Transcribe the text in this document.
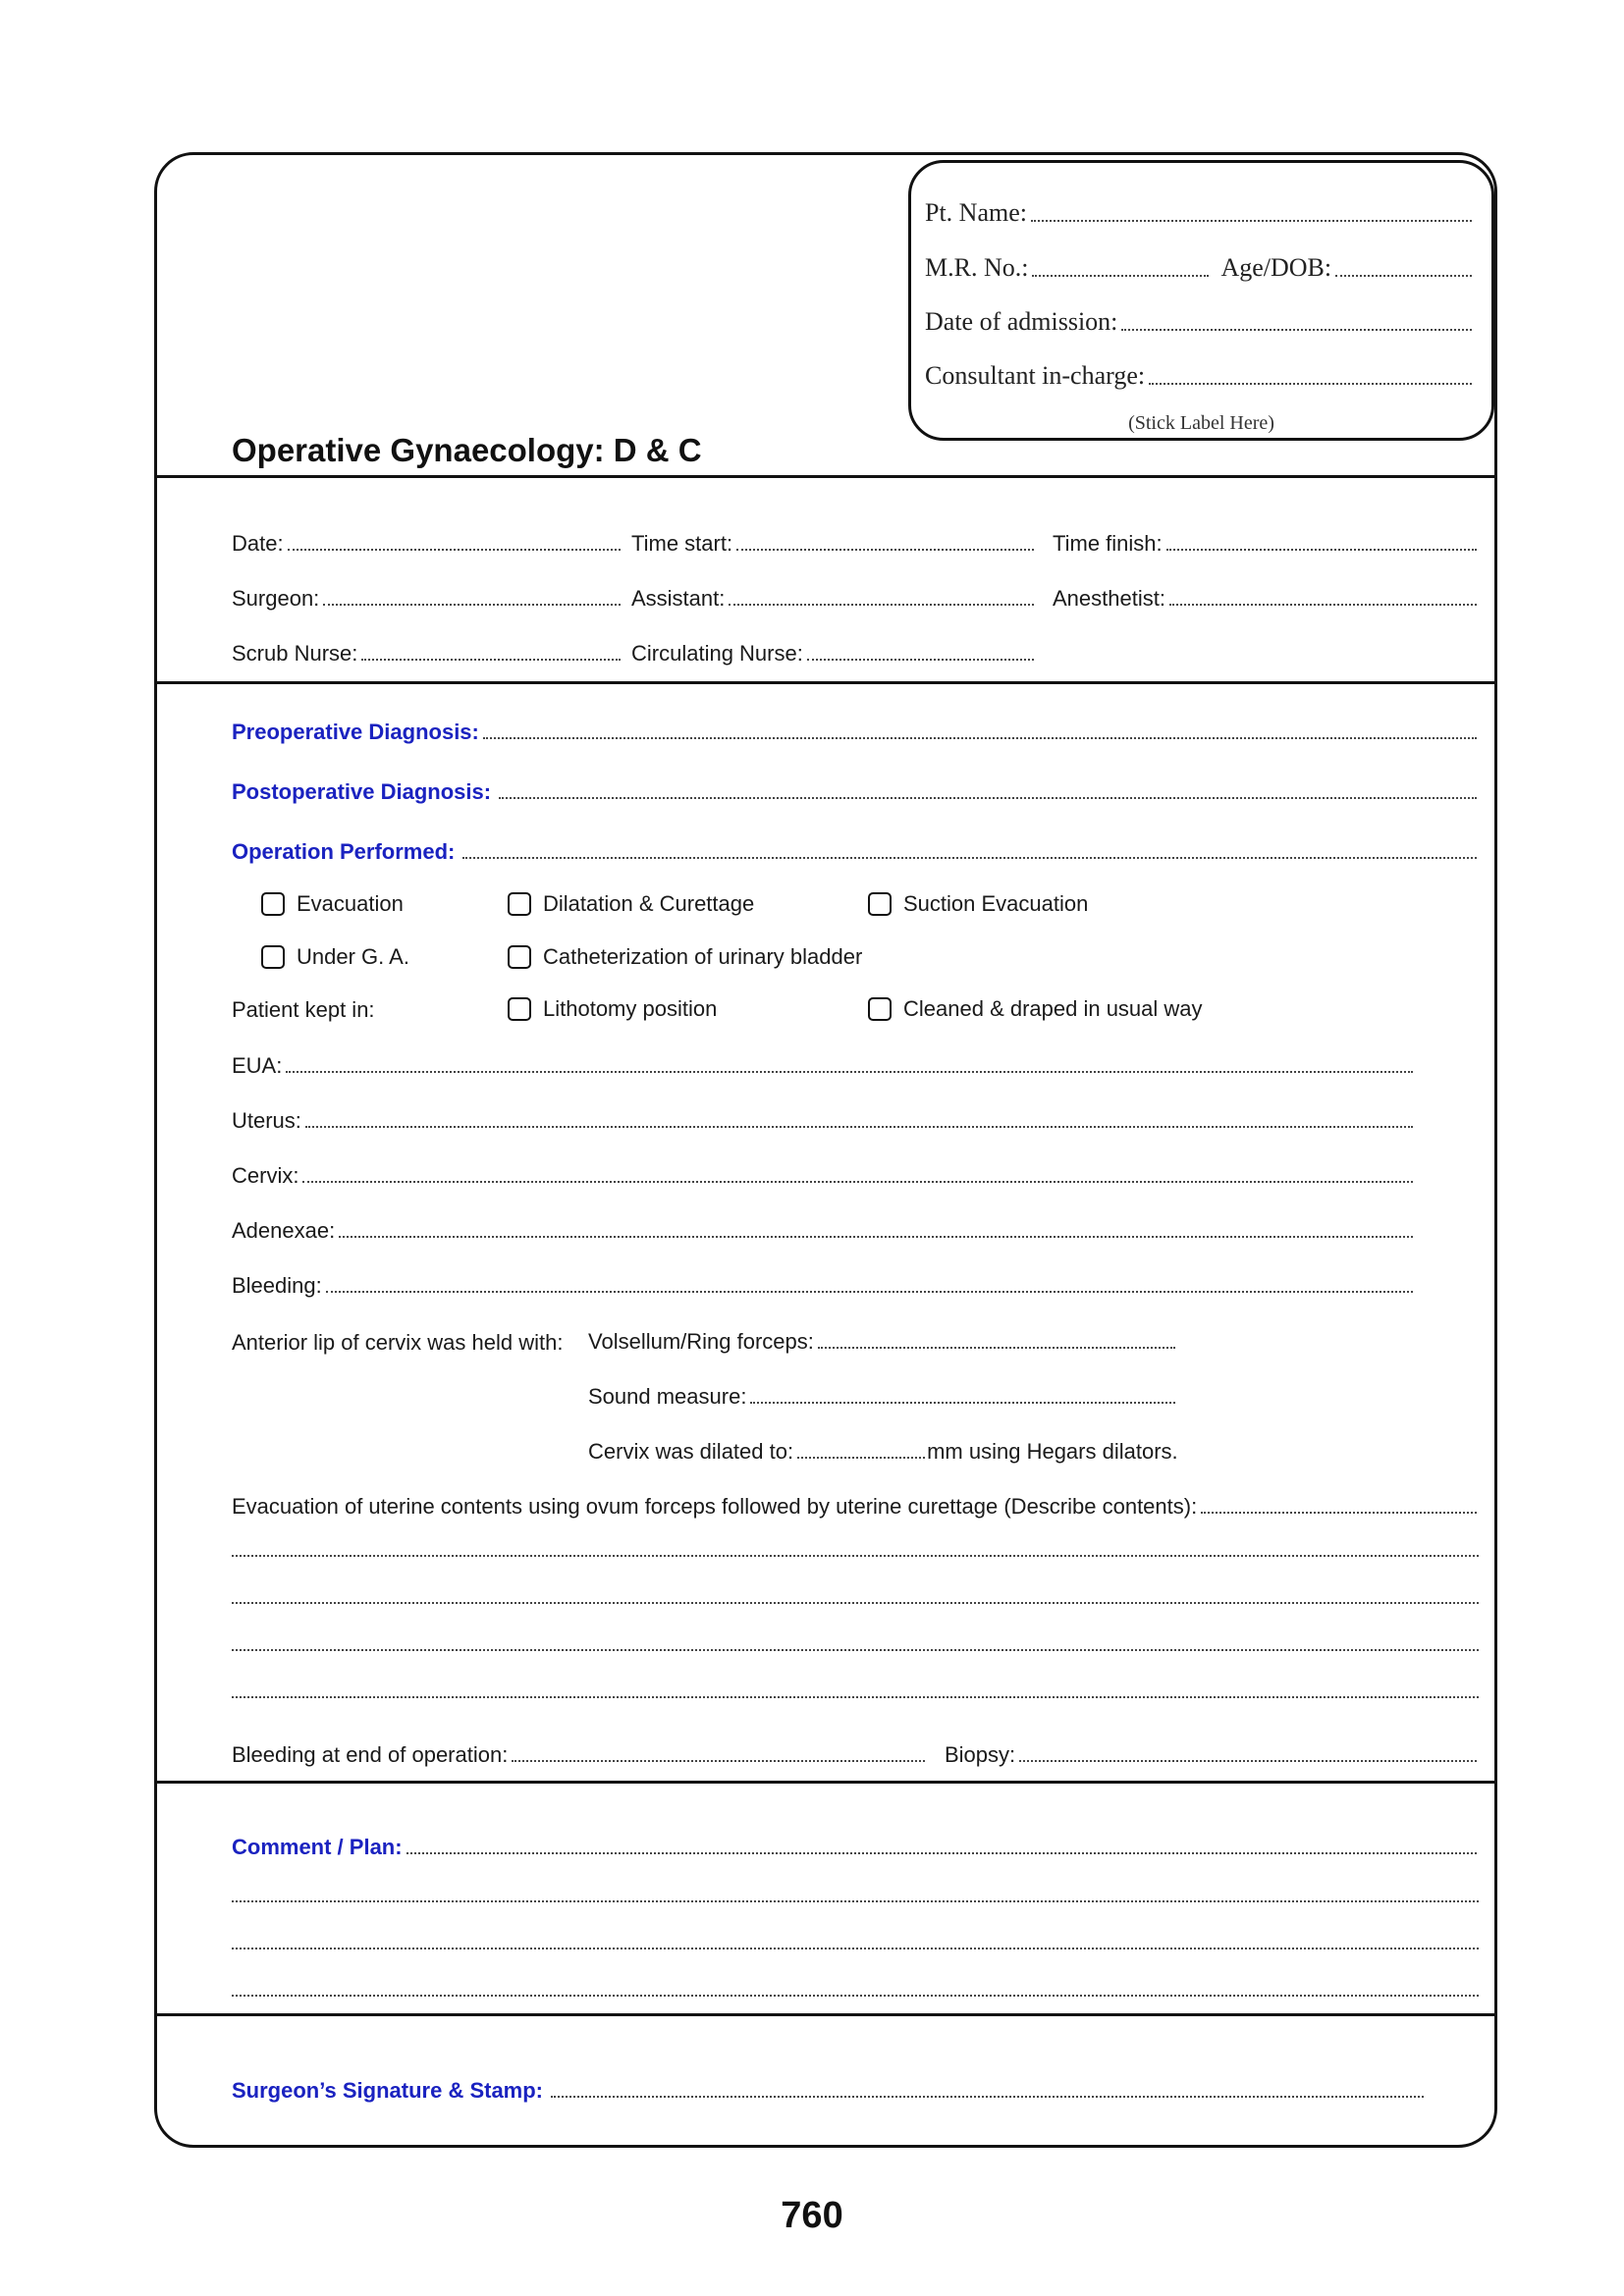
Pt. Name:
M.R. No.:	Age/DOB:
Date of admission:
Consultant in-charge:
(Stick Label Here)
Operative Gynaecology: D & C
Date:	Time start:	Time finish:
Surgeon:	Assistant:	Anesthetist:
Scrub Nurse:	Circulating Nurse:
Preoperative Diagnosis:
Postoperative Diagnosis:
Operation Performed:
Evacuation	Dilatation & Curettage	Suction Evacuation
Under G. A.	Catheterization of urinary bladder
Patient kept in:	Lithotomy position	Cleaned & draped in usual way
EUA:
Uterus:
Cervix:
Adenexae:
Bleeding:
Anterior lip of cervix was held with: Volsellum/Ring forceps:
Sound measure:
Cervix was dilated to:	mm using Hegars dilators.
Evacuation of uterine contents using ovum forceps followed by uterine curettage (Describe contents):
Bleeding at end of operation:	Biopsy:
Comment / Plan:
Surgeon’s Signature & Stamp:
760
